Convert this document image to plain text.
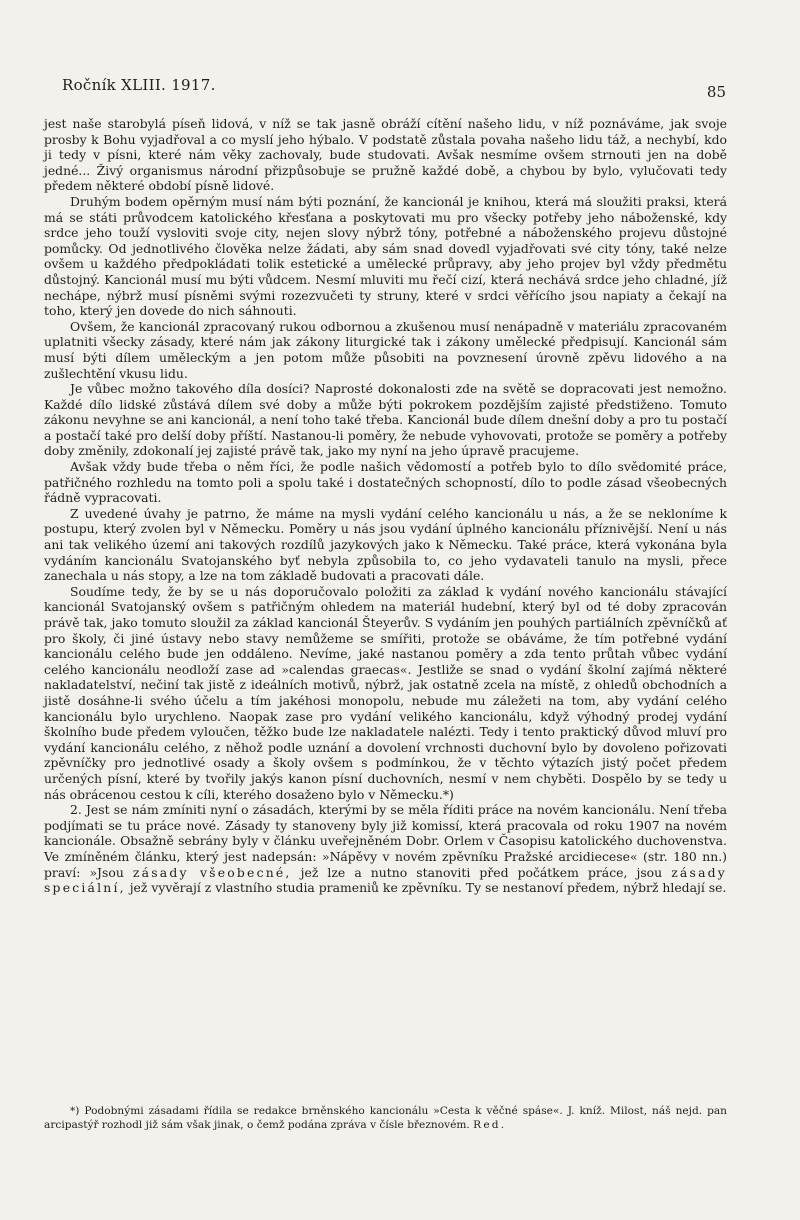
Ročník XLIII. 1917.	85

jest naše starobylá píseň lidová, v níž se tak jasně obráží cítění našeho lidu, v níž poznáváme, jak svoje prosby k Bohu vyjadřoval a co myslí jeho hýbalo. V podstatě zůstala povaha našeho lidu táž, a nechybí, kdo ji tedy v písni, které nám věky zachovaly, bude studovati. Avšak nesmíme ovšem strnouti jen na době jedné... Živý organismus národní přizpůsobuje se pružně každé době, a chybou by bylo, vylučovati tedy předem některé období písně lidové.

Druhým bodem opěrným musí nám býti poznání, že kancionál je knihou, která má sloužiti praksi, která má se státi průvodcem katolického křesťana a poskytovati mu pro všecky potřeby jeho náboženské, kdy srdce jeho touží vysloviti svoje city, nejen slovy nýbrž tóny, potřebné a náboženského projevu důstojné pomůcky. Od jednotlivého člověka nelze žádati, aby sám snad dovedl vyjadřovati své city tóny, také nelze ovšem u každého předpokládati tolik estetické a umělecké průpravy, aby jeho projev byl vždy předmětu důstojný. Kancionál musí mu býti vůdcem. Nesmí mluviti mu řečí cizí, která nechává srdce jeho chladné, jíž nechápe, nýbrž musí písněmi svými rozezvučeti ty struny, které v srdci věřícího jsou napiaty a čekají na toho, který jen dovede do nich sáhnouti.

Ovšem, že kancionál zpracovaný rukou odbornou a zkušenou musí nenápadně v materiálu zpracovaném uplatniti všecky zásady, které nám jak zákony liturgické tak i zákony umělecké předpisují. Kancionál sám musí býti dílem uměleckým a jen potom může působiti na povznesení úrovně zpěvu lidového a na zušlechtění vkusu lidu.

Je vůbec možno takového díla dosíci? Naprosté dokonalosti zde na světě se dopracovati jest nemožno. Každé dílo lidské zůstává dílem své doby a může býti pokrokem pozdějším zajisté předstiženo. Tomuto zákonu nevyhne se ani kancionál, a není toho také třeba. Kancionál bude dílem dnešní doby a pro tu postačí a postačí také pro delší doby příští. Nastanou-li poměry, že nebude vyhovovati, protože se poměry a potřeby doby změnily, zdokonalí jej zajisté právě tak, jako my nyní na jeho úpravě pracujeme.

Avšak vždy bude třeba o něm říci, že podle našich vědomostí a potřeb bylo to dílo svědomité práce, patřičného rozhledu na tomto poli a spolu také i dostatečných schopností, dílo to podle zásad všeobecných řádně vypracovati.

Z uvedené úvahy je patrno, že máme na mysli vydání celého kancionálu u nás, a že se nekloníme k postupu, který zvolen byl v Německu. Poměry u nás jsou vydání úplného kancionálu příznivější. Není u nás ani tak velikého území ani takových rozdílů jazykových jako k Německu. Také práce, která vykonána byla vydáním kancionálu Svatojanského byť nebyla způsobila to, co jeho vydavateli tanulo na mysli, přece zanechala u nás stopy, a lze na tom základě budovati a pracovati dále.

Soudíme tedy, že by se u nás doporučovalo položiti za základ k vydání nového kancionálu stávající kancionál Svatojanský ovšem s patřičným ohledem na materiál hudební, který byl od té doby zpracován právě tak, jako tomuto sloužil za základ kancionál Šteyerův. S vydáním jen pouhých partiálních zpěvníčků ať pro školy, či jiné ústavy nebo stavy nemůžeme se smířiti, protože se obáváme, že tím potřebné vydání kancionálu celého bude jen oddáleno. Nevíme, jaké nastanou poměry a zda tento průtah vůbec vydání celého kancionálu neodloží zase ad »calendas graecas«. Jestliže se snad o vydání školní zajímá některé nakladatelství, nečiní tak jistě z ideálních motivů, nýbrž, jak ostatně zcela na místě, z ohledů obchodních a jistě dosáhne-li svého účelu a tím jakéhosi monopolu, nebude mu záležeti na tom, aby vydání celého kancionálu bylo urychleno. Naopak zase pro vydání velikého kancionálu, když výhodný prodej vydání školního bude předem vyloučen, těžko bude lze nakladatele nalézti. Tedy i tento praktický důvod mluví pro vydání kancionálu celého, z něhož podle uznání a dovolení vrchnosti duchovní bylo by dovoleno pořizovati zpěvníčky pro jednotlivé osady a školy ovšem s podmínkou, že v těchto výtazích jistý počet předem určených písní, které by tvořily jakýs kanon písní duchovních, nesmí v nem chyběti. Dospělo by se tedy u nás obrácenou cestou k cíli, kterého dosaženo bylo v Německu.*)

2. Jest se nám zmíniti nyní o zásadách, kterými by se měla říditi práce na novém kancionálu. Není třeba podjímati se tu práce nové. Zásady ty stanoveny byly již komissí, která pracovala od roku 1907 na novém kancionále. Obsažně sebrány byly v článku uveřejněném Dobr. Orlem v Časopisu katolického duchovenstva. Ve zmíněném článku, který jest nadepsán: »Nápěvy v novém zpěvníku Pražské arcidiecese« (str. 180 nn.) praví: »Jsou zásady všeobecné, jež lze a nutno stanoviti před počátkem práce, jsou zásady speciální, jež vyvěrají z vlastního studia prameniů ke zpěvníku. Ty se nestanoví předem, nýbrž hledají se.

*) Podobnými zásadami řídila se redakce brněnského kancionálu »Cesta k věčné spáse«. J. kníž. Milost, náš nejd. pan arcipastýř rozhodl již sám však jinak, o čemž podána zpráva v čísle březnovém. Red.
